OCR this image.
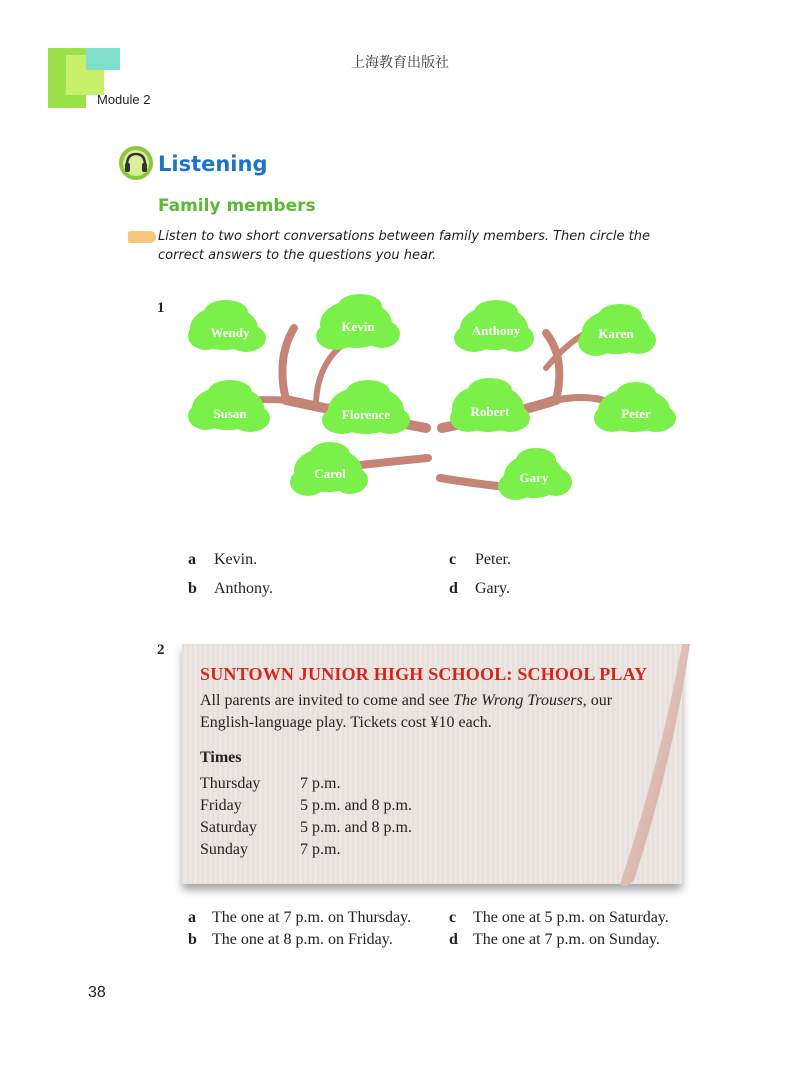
Module 2
上海教育出版社
Listening
Family members
Listen to two short conversations between family members. Then circle the correct answers to the questions you hear.
1
Wendy	Kevin	Anthony	Karen
Susan	Florence	Robert	Peter
Carol	Gary
a Kevin.
b Anthony.
c Peter.
d Gary.
2
SUNTOWN JUNIOR HIGH SCHOOL: SCHOOL PLAY
All parents are invited to come and see The Wrong Trousers, our English-language play. Tickets cost ¥10 each.
Times
Thursday 7 p.m.
Friday	5 p.m. and 8 p.m.
Saturday	5 p.m. and 8 p.m.
Sunday	7 p.m.
a The one at 7 p.m. on Thursday.
b The one at 8 p.m. on Friday.
c The one at 5 p.m. on Saturday.
d The one at 7 p.m. on Sunday.
38
